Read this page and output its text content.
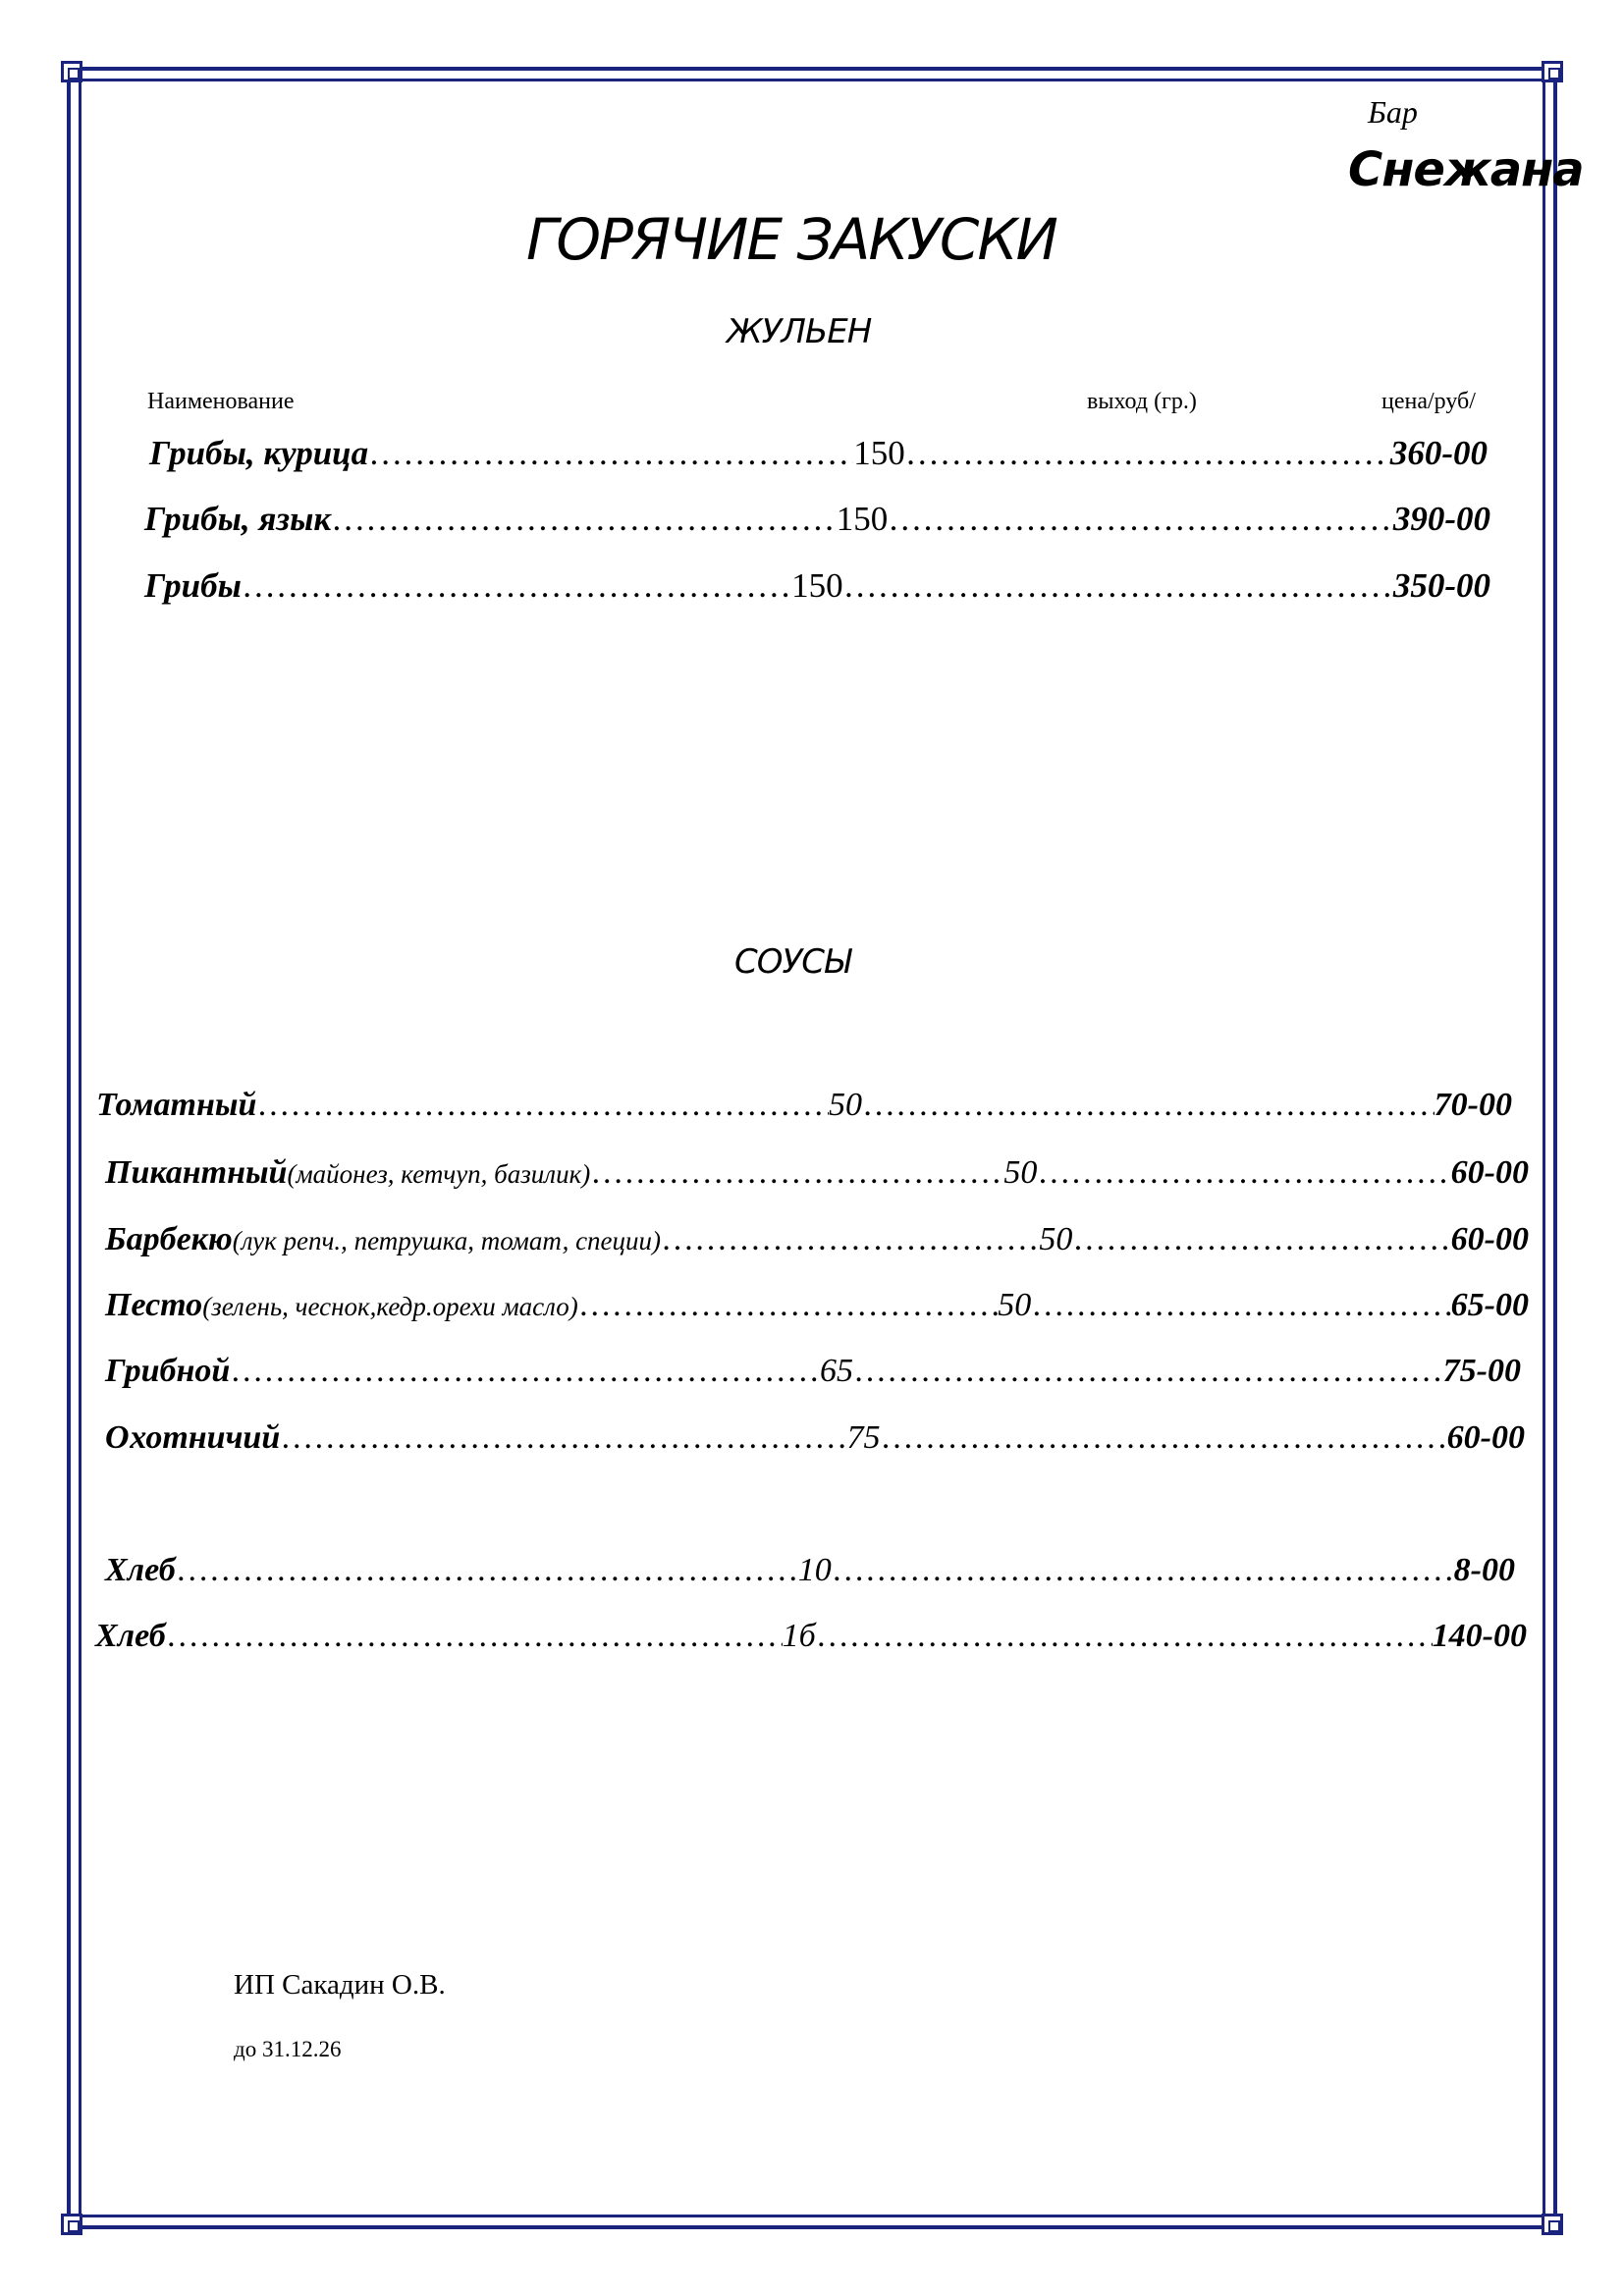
Бар
Снежана
ГОРЯЧИЕ ЗАКУСКИ
ЖУЛЬЕН
Наименование	выход (гр.)	цена/руб/
Грибы, курица ……………………………………………………………………………………………………………………………………………………………………………………	150 ……………………………………………………………………………………………………………………………………………………………………………………	360-00
Грибы, язык ……………………………………………………………………………………………………………………………………………………………………………………	150 ……………………………………………………………………………………………………………………………………………………………………………………	390-00
Грибы ……………………………………………………………………………………………………………………………………………………………………………………	150 ……………………………………………………………………………………………………………………………………………………………………………………	350-00
СОУСЫ
Томатный ……………………………………………………………………………………………………………………………………………………………………………………	50 ……………………………………………………………………………………………………………………………………………………………………………………	70-00
Пикантный (майонез, кетчуп, базилик) ……………………………………………………………………………………………………………………………………………………………………………………	50 ……………………………………………………………………………………………………………………………………………………………………………………	60-00
Барбекю (лук репч., петрушка, томат, специи) ……………………………………………………………………………………………………………………………………………………………………………………	50 ……………………………………………………………………………………………………………………………………………………………………………………	60-00
Песто (зелень, чеснок,кедр.орехи масло) ……………………………………………………………………………………………………………………………………………………………………………………	50 ……………………………………………………………………………………………………………………………………………………………………………………	65-00
Грибной ……………………………………………………………………………………………………………………………………………………………………………………	65 ……………………………………………………………………………………………………………………………………………………………………………………	75-00
Охотничий ……………………………………………………………………………………………………………………………………………………………………………………	75 ……………………………………………………………………………………………………………………………………………………………………………………	60-00
Хлеб ……………………………………………………………………………………………………………………………………………………………………………………	10 ……………………………………………………………………………………………………………………………………………………………………………………	8-00
Хлеб ……………………………………………………………………………………………………………………………………………………………………………………	1б ……………………………………………………………………………………………………………………………………………………………………………………	140-00
ИП Сакадин О.В.
до 31.12.26
